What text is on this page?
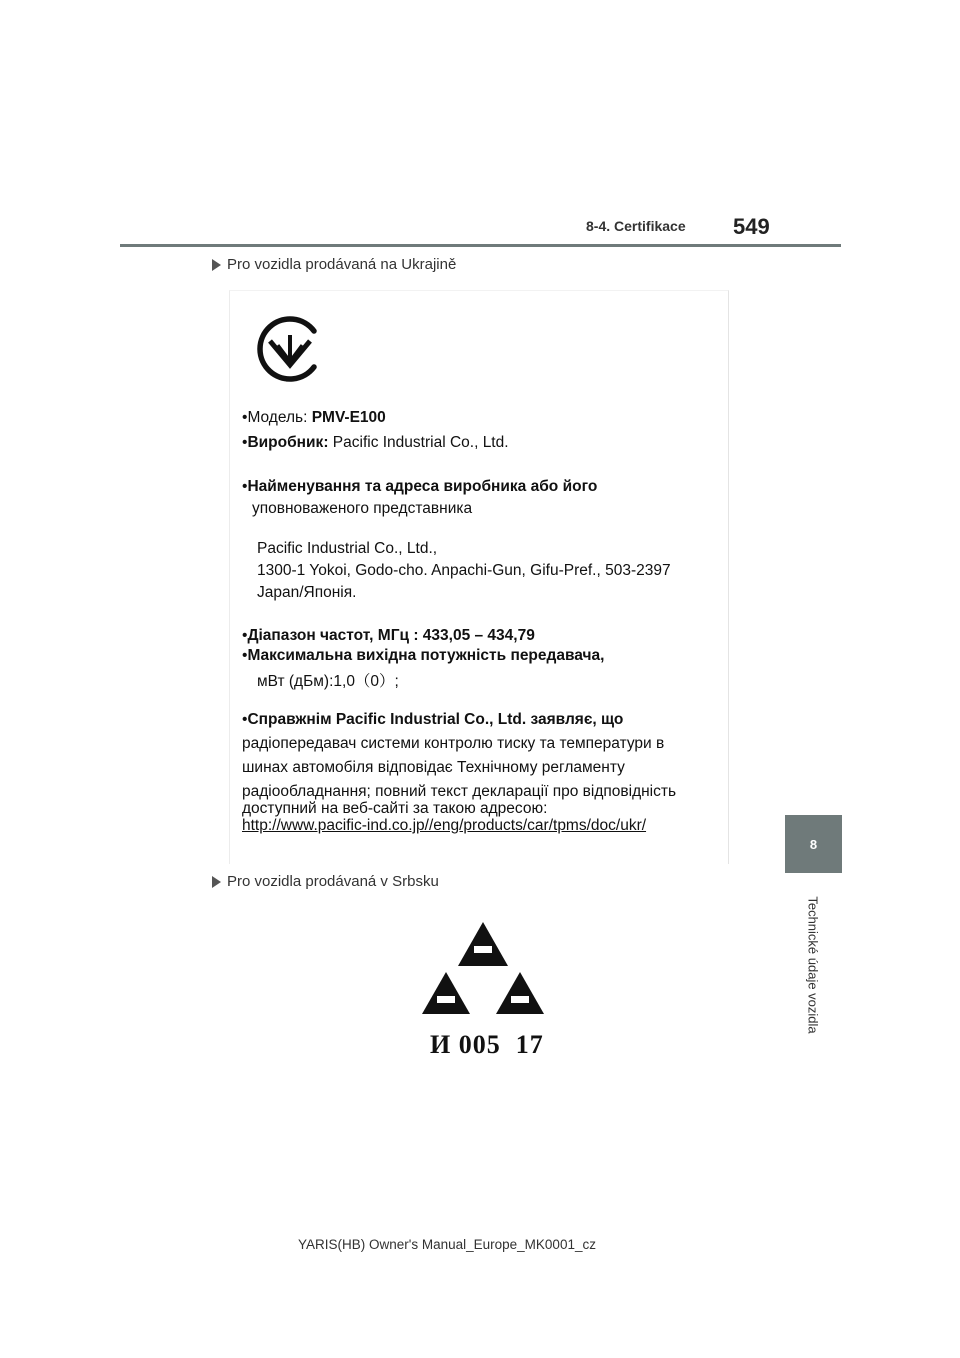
8-4. Certifikace 549
Pro vozidla prodávaná na Ukrajině
•Модель: PMV-E100
•Виробник: Pacific Industrial Co., Ltd.
•Найменування та адреса виробника або його
уповноваженого представника
Pacific Industrial Co., Ltd.,
1300-1 Yokoi, Godo-cho. Anpachi-Gun, Gifu-Pref., 503-2397
Japan/Японія.
•Діапазон частот, МГц : 433,05 – 434,79
•Максимальна вихідна потужність передавача,
мВт (дБм):1,0（0）;
•Справжнім Pacific Industrial Co., Ltd. заявляє, що
радіопередавач системи контролю тиску та температури в
шинах автомобіля відповідає Технічному регламенту
радіообладнання; повний текст декларації про відповідність
доступний на веб-сайті за такою адресою:
http://www.pacific-ind.co.jp//eng/products/car/tpms/doc/ukr/
Pro vozidla prodávaná v Srbsku
И 005  17
8
Technické údaje vozidla
YARIS(HB) Owner's Manual_Europe_MK0001_cz
